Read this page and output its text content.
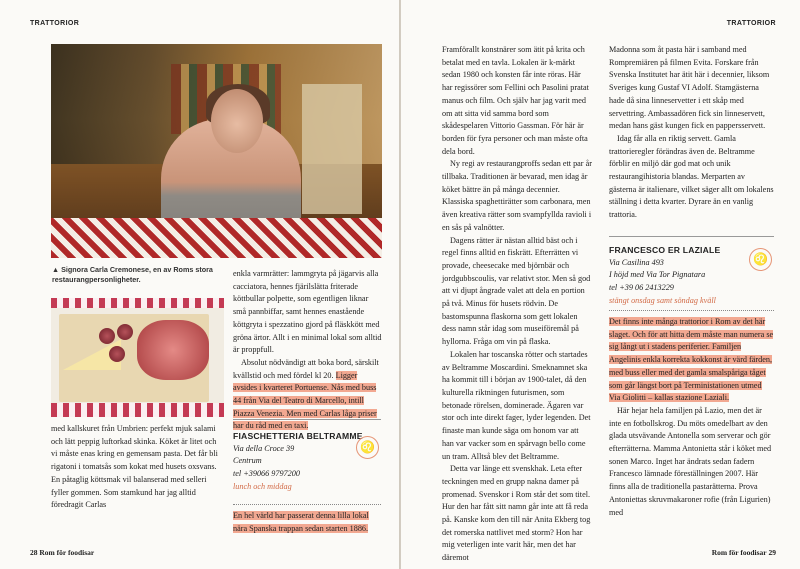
TRATTORIOR
▲ Signora Carla Cremonese, en av Roms stora restaurangpersonligheter.

med kallskuret från Umbrien: perfekt mjuk salami och lätt peppig luftorkad skinka. Köket är litet och vi måste enas kring en gemensam pasta. Det får bli rigatoni i tomatsås som kokat med husets oxsvans. En påtaglig köttsmak vil balanserad med selleri fyller gommen. Som stamkund har jag alltid föredragit Carlas

enkla varmrätter: lammgryta på jägarvis alla cacciatora, hennes fjärilslätta friterade köttbullar polpette, som egentligen liknar små pannbiffar, samt hennes enastående köttgryta i spezzatino gjord på fläskkött med gröna ärtor. Allt i en minimal lokal som alltid är proppfull.

Absolut nödvändigt att boka bord, särskilt kvällstid och med fördel kl 20. Ligger avsides i kvarteret Portuense. Nås med buss 44 från Via del Teatro di Marcello, intill Piazza Venezia. Men med Carlas låga priser har du råd med en taxi.

FIASCHETTERIA BELTRAMME

Via della Croce 39

Centrum

tel +39066 9797200

lunch och middag

♌

En hel värld har passerat denna lilla lokal nära Spanska trappan sedan starten 1886.

28 Rom för foodisar
TRATTORIOR

Framförallt konstnärer som ätit på krita och betalat med en tavla. Lokalen är k-märkt sedan 1980 och konsten får inte röras. Här har regissörer som Fellini och Pasolini pratat manus och film. Och själv har jag varit med om att sitta vid samma bord som skådespelaren Vittorio Gassman. För här är borden för fyra personer och man måste ofta dela bord.

Ny regi av restaurangproffs sedan ett par år tillbaka. Traditionen är bevarad, men idag är köket bättre än på många decennier. Klassiska spaghettirätter som carbonara, men även kreativa rätter som svampfyllda ravioli i en sås på valnötter.

Dagens rätter är nästan alltid bäst och i regel finns alltid en fiskrätt. Efterrätten vi provade, cheesecake med björnbär och jordgubbscoulis, var relativt stor. Men så god att vi djupt ångrade valet att dela en portion på två. Minus för husets rödvin. De bastomspunna flaskorna som gett lokalen dess namn står idag som museiföremål på hyllorna. Fråga om vin på flaska.

Lokalen har toscanska rötter och startades av Beltramme Moscardini. Smeknamnet ska ha kommit till i början av 1900-talet, då den kulturella riktningen futurismen, som betonade rörelsen, dominerade. Ägaren var stor och inte direkt fager, lyder legenden. Det finaste man kunde säga om honom var att han var vacker som en spårvagn bello come un tram. Alltså blev det Beltramme.

Detta var länge ett svenskhak. Leta efter teckningen med en grupp nakna damer på promenad. Svenskor i Rom står det som titel. Hur den har fått sitt namn går inte att få reda på. Kanske kom den till när Anita Ekberg tog det romerska nattlivet med storm? Hon har mig veterligen inte varit här, men det har däremot

Madonna som åt pasta här i samband med Rompremiären på filmen Evita. Forskare från Svenska Institutet har ätit här i decennier, liksom Sveriges kung Gustaf VI Adolf. Stamgästerna hade då sina linneservetter i ett skåp med servettring. Ambassadören fick sin linneservett, medan hans gäst kungen fick en pappersservett.

Idag får alla en riktig servett. Gamla trattorieregler förändras även de. Beltramme förblir en miljö där god mat och unik restaurangihistoria blandas. Merparten av gästerna är italienare, vilket säger allt om lokalens ställning i detta kvarter. Dyrare än en vanlig trattoria.

FRANCESCO ER LAZIALE

Via Casilina 493

I höjd med Via Tor Pignatara

tel +39 06 2413229

stängt onsdag samt söndag kväll

♌

Det finns inte många trattorior i Rom av det här slaget. Och för att hitta dem måste man numera se sig långt ut i stadens periferier. Familjen Angelinis enkla korrekta kokkonst är värd färden, med buss eller med det gamla smalspåriga tåget som går längst bort på Terministationen utmed Via Giolitti – kallas stazione Laziali.

Här hejar hela familjen på Lazio, men det är inte en fotbollskrog. Du möts omedelbart av den glada utsvävande Antonella som serverar och gör efterrätterna. Mamma Antonietta står i köket med sonen Marco. Inget har ändrats sedan fadern Francesco lämnade föreställningen 2007. Här finns alla de traditionella pastarätterna. Prova Antoniettas skruvmakaroner rofie (från Ligurien) med

Rom för foodisar 29
